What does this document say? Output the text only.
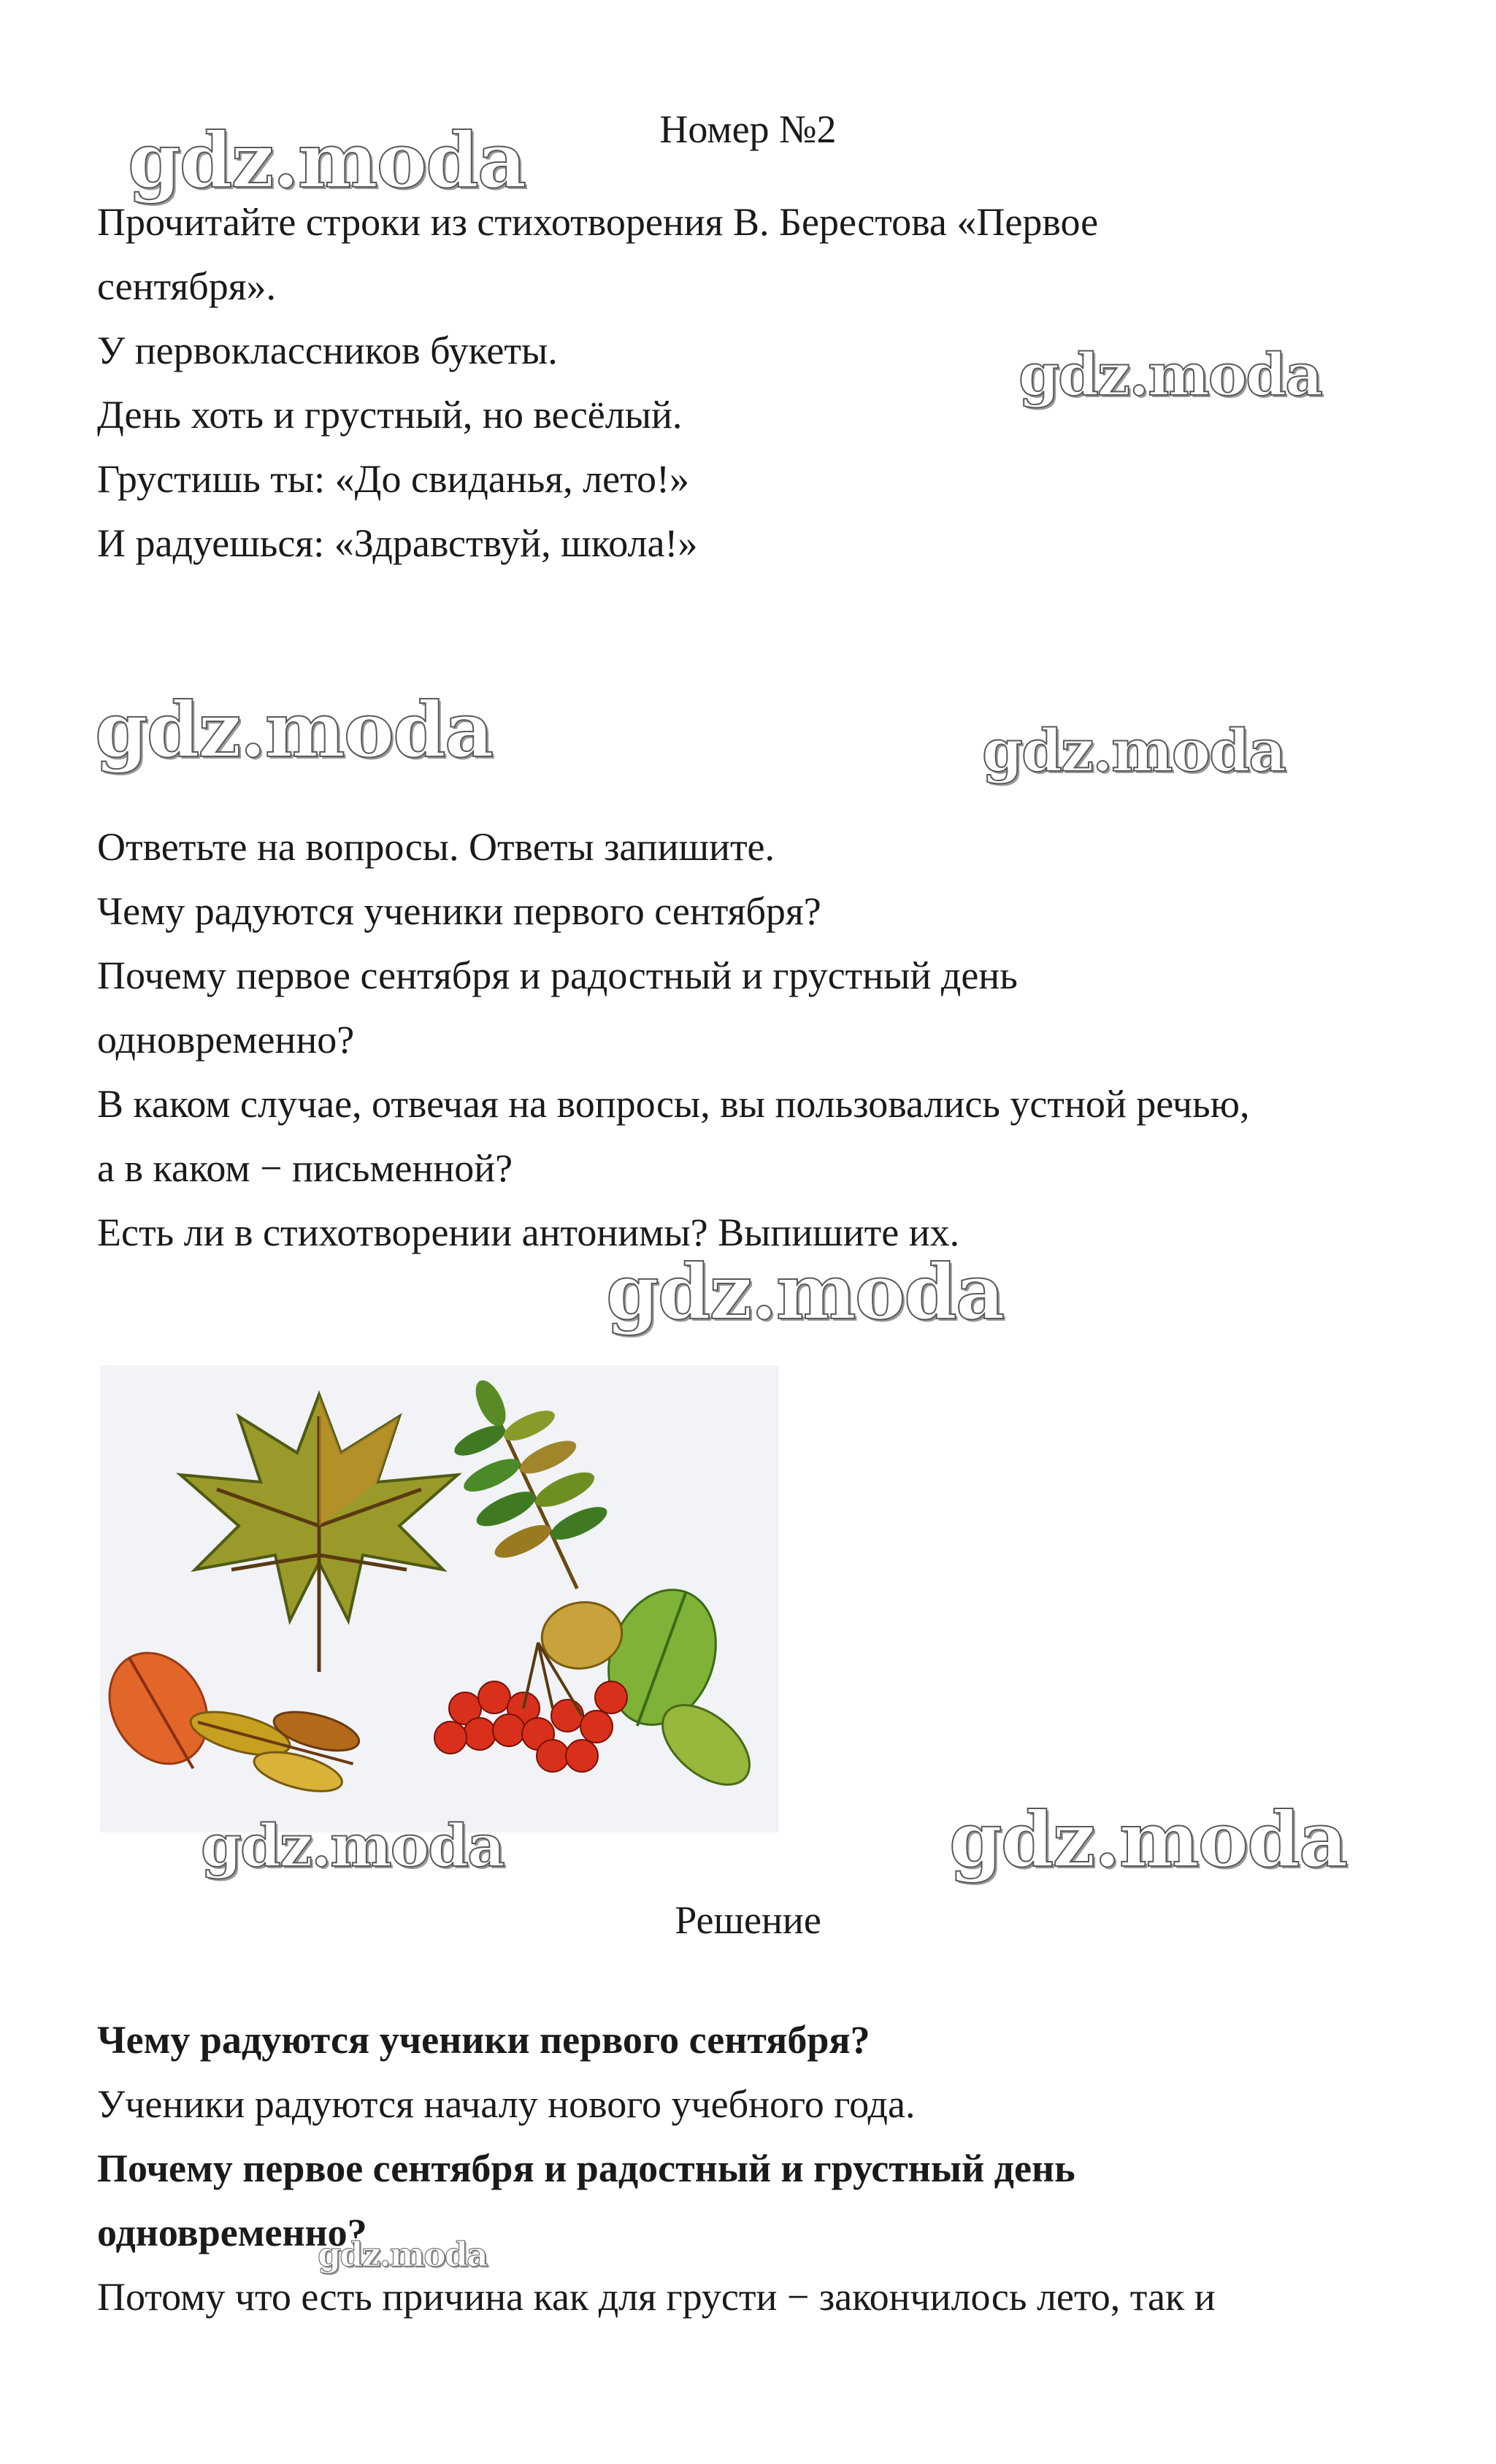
Номер №2

Прочитайте строки из стихотворения В. Берестова «Первое

сентября».

У первоклассников букеты.

День хоть и грустный, но весёлый.

Грустишь ты: «До свиданья, лето!»

И радуешься: «Здравствуй, школа!»

Ответьте на вопросы. Ответы запишите.

Чему радуются ученики первого сентября?

Почему первое сентября и радостный и грустный день

одновременно?

В каком случае, отвечая на вопросы, вы пользовались устной речью,

а в каком − письменной?

Есть ли в стихотворении антонимы? Выпишите их.

Решение

Чему радуются ученики первого сентября?

Ученики радуются началу нового учебного года.

Почему первое сентября и радостный и грустный день

одновременно?

Потому что есть причина как для грусти − закончилось лето, так и

gdz.moda
gdz.moda
gdz.moda	gdz.moda
gdz.moda
gdz.moda	gdz.moda
gdz.moda
